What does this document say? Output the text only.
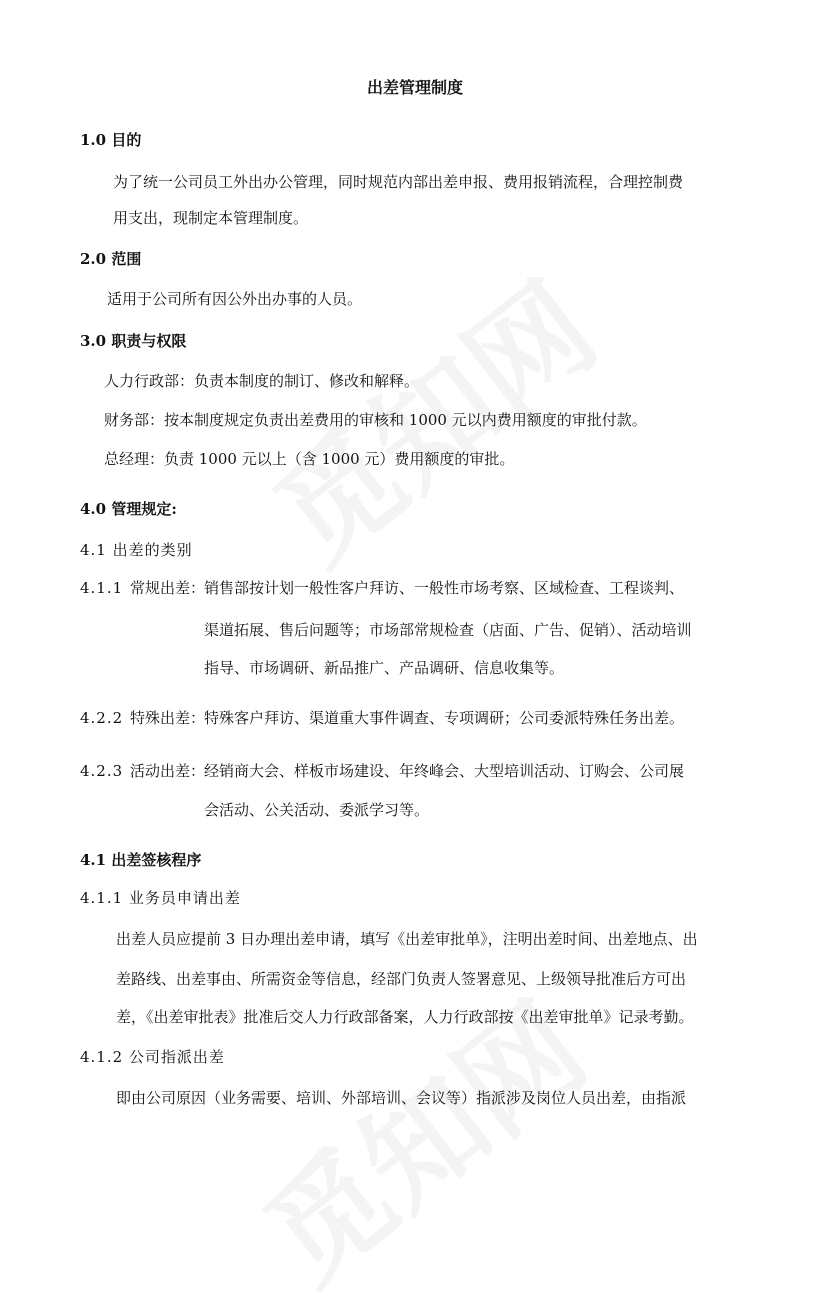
出差管理制度
1.0 目的
为了统一公司员工外出办公管理，同时规范内部出差申报、费用报销流程，合理控制费
用支出，现制定本管理制度。
2.0 范围
适用于公司所有因公外出办事的人员。
3.0 职责与权限
人力行政部：负责本制度的制订、修改和解释。
财务部：按本制度规定负责出差费用的审核和 1000 元以内费用额度的审批付款。
总经理：负责 1000 元以上（含 1000 元）费用额度的审批。
4.0 管理规定:
4.1 出差的类别
4.1.1 常规出差：
销售部按计划一般性客户拜访、一般性市场考察、区域检查、工程谈判、
渠道拓展、售后问题等；市场部常规检查（店面、广告、促销）、活动培训
指导、市场调研、新品推广、产品调研、信息收集等。
4.2.2 特殊出差：
特殊客户拜访、渠道重大事件调查、专项调研；公司委派特殊任务出差。
4.2.3 活动出差：
经销商大会、样板市场建设、年终峰会、大型培训活动、订购会、公司展
会活动、公关活动、委派学习等。
4.1 出差签核程序
4.1.1 业务员申请出差
出差人员应提前 3 日办理出差申请，填写《出差审批单》，注明出差时间、出差地点、出
差路线、出差事由、所需资金等信息，经部门负责人签署意见、上级领导批准后方可出
差，《出差审批表》批准后交人力行政部备案，人力行政部按《出差审批单》记录考勤。
4.1.2 公司指派出差
即由公司原因（业务需要、培训、外部培训、会议等）指派涉及岗位人员出差，由指派
